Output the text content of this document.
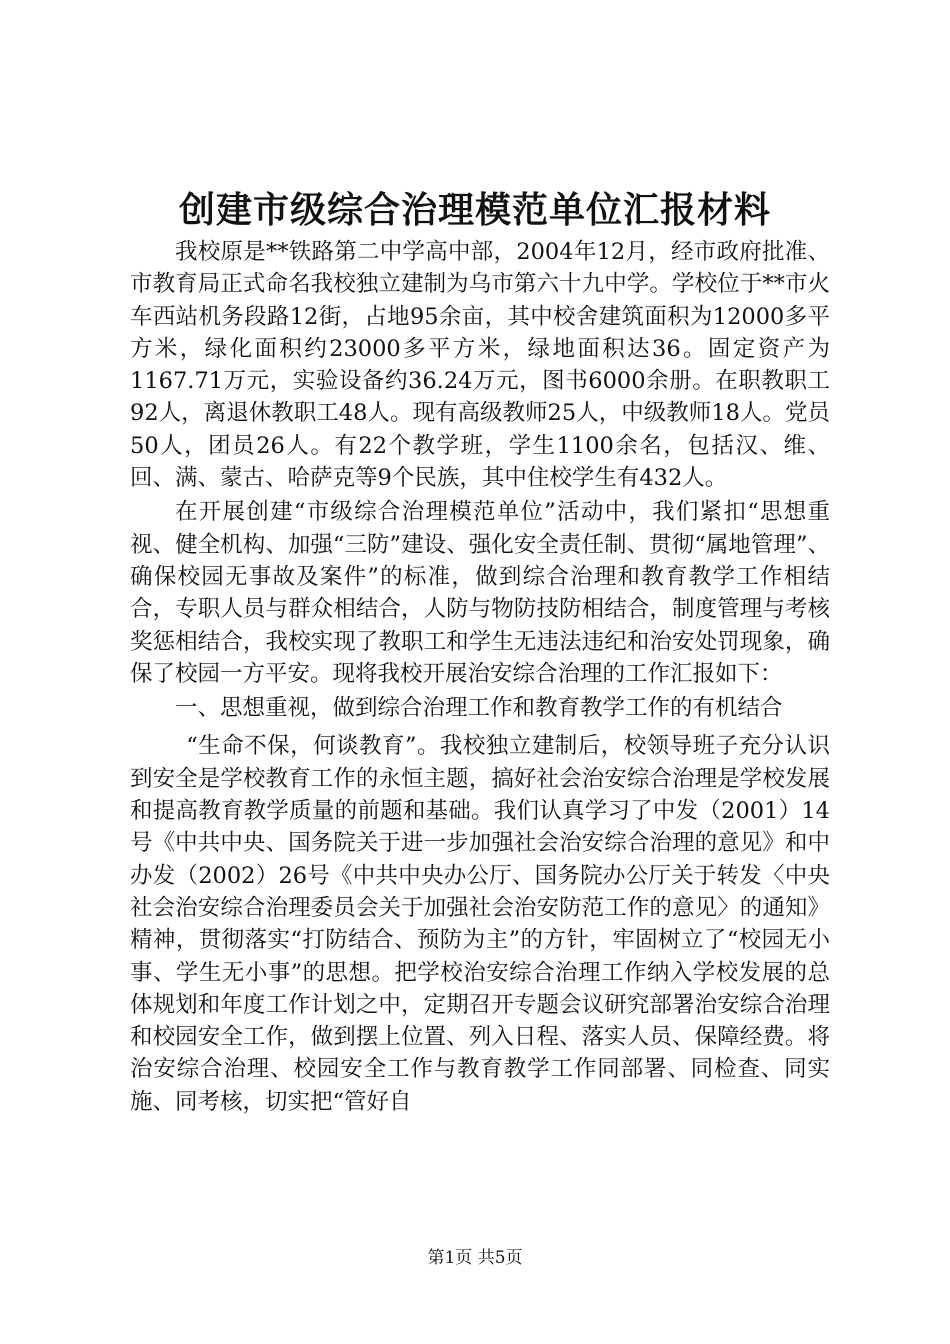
创建市级综合治理模范单位汇报材料

我校原是**铁路第二中学高中部，2004年12月，经市政府批准、市教育局正式命名我校独立建制为乌市第六十九中学。学校位于**市火车西站机务段路12街，占地95余亩，其中校舍建筑面积为12000多平方米，绿化面积约23000多平方米，绿地面积达36。固定资产为1167.71万元，实验设备约36.24万元，图书6000余册。在职教职工92人，离退休教职工48人。现有高级教师25人，中级教师18人。党员50人，团员26人。有22个教学班，学生1100余名，包括汉、维、回、满、蒙古、哈萨克等9个民族，其中住校学生有432人。

在开展创建“市级综合治理模范单位”活动中，我们紧扣“思想重视、健全机构、加强“三防”建设、强化安全责任制、贯彻“属地管理”、确保校园无事故及案件”的标准，做到综合治理和教育教学工作相结合，专职人员与群众相结合，人防与物防技防相结合，制度管理与考核奖惩相结合，我校实现了教职工和学生无违法违纪和治安处罚现象，确保了校园一方平安。现将我校开展治安综合治理的工作汇报如下：

一、思想重视，做到综合治理工作和教育教学工作的有机结合

“生命不保，何谈教育”。我校独立建制后，校领导班子充分认识到安全是学校教育工作的永恒主题，搞好社会治安综合治理是学校发展和提高教育教学质量的前题和基础。我们认真学习了中发（2001）14号《中共中央、国务院关于进一步加强社会治安综合治理的意见》和中办发（2002）26号《中共中央办公厅、国务院办公厅关于转发〈中央社会治安综合治理委员会关于加强社会治安防范工作的意见〉的通知》精神，贯彻落实“打防结合、预防为主”的方针，牢固树立了“校园无小事、学生无小事”的思想。把学校治安综合治理工作纳入学校发展的总体规划和年度工作计划之中，定期召开专题会议研究部署治安综合治理和校园安全工作，做到摆上位置、列入日程、落实人员、保障经费。将治安综合治理、校园安全工作与教育教学工作同部署、同检查、同实施、同考核，切实把“管好自

第1页 共5页
